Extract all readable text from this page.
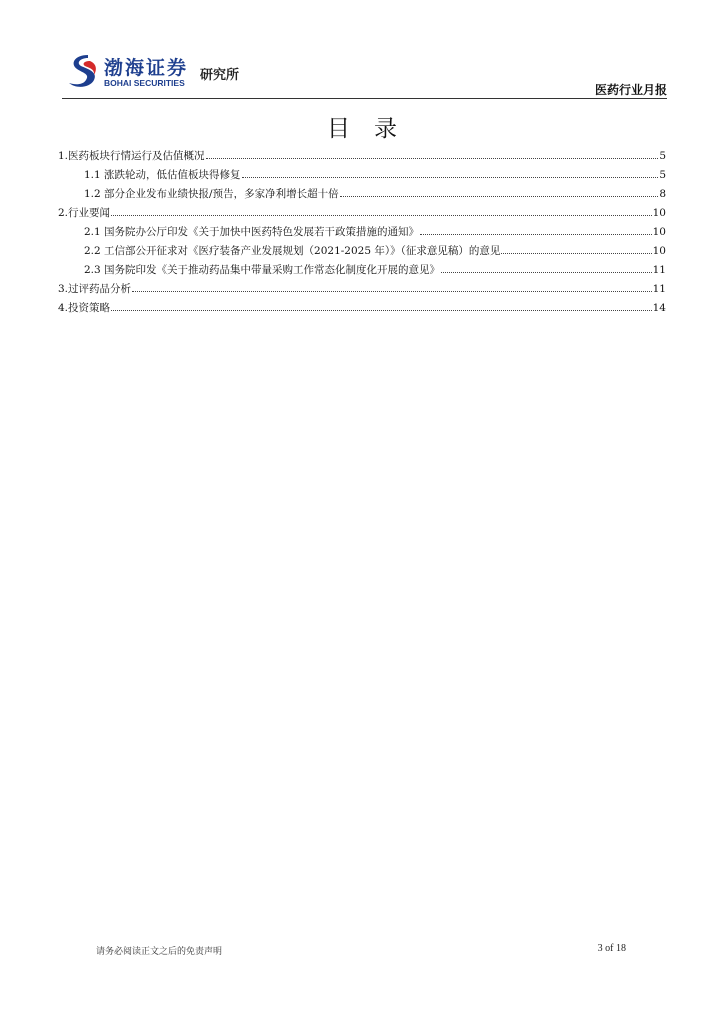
渤海证券
BOHAI SECURITIES 研究所
医药行业月报
目录
1.医药板块行情运行及估值概况	5
1.1 涨跌轮动，低估值板块得修复	5
1.2 部分企业发布业绩快报/预告，多家净利增长超十倍	8
2.行业要闻	10
2.1 国务院办公厅印发《关于加快中医药特色发展若干政策措施的通知》	10
2.2 工信部公开征求对《医疗装备产业发展规划（2021-2025 年）》（征求意见稿）的意见	10
2.3 国务院印发《关于推动药品集中带量采购工作常态化制度化开展的意见》	11
3.过评药品分析	11
4.投资策略	14
请务必阅读正文之后的免责声明	3 of 18
